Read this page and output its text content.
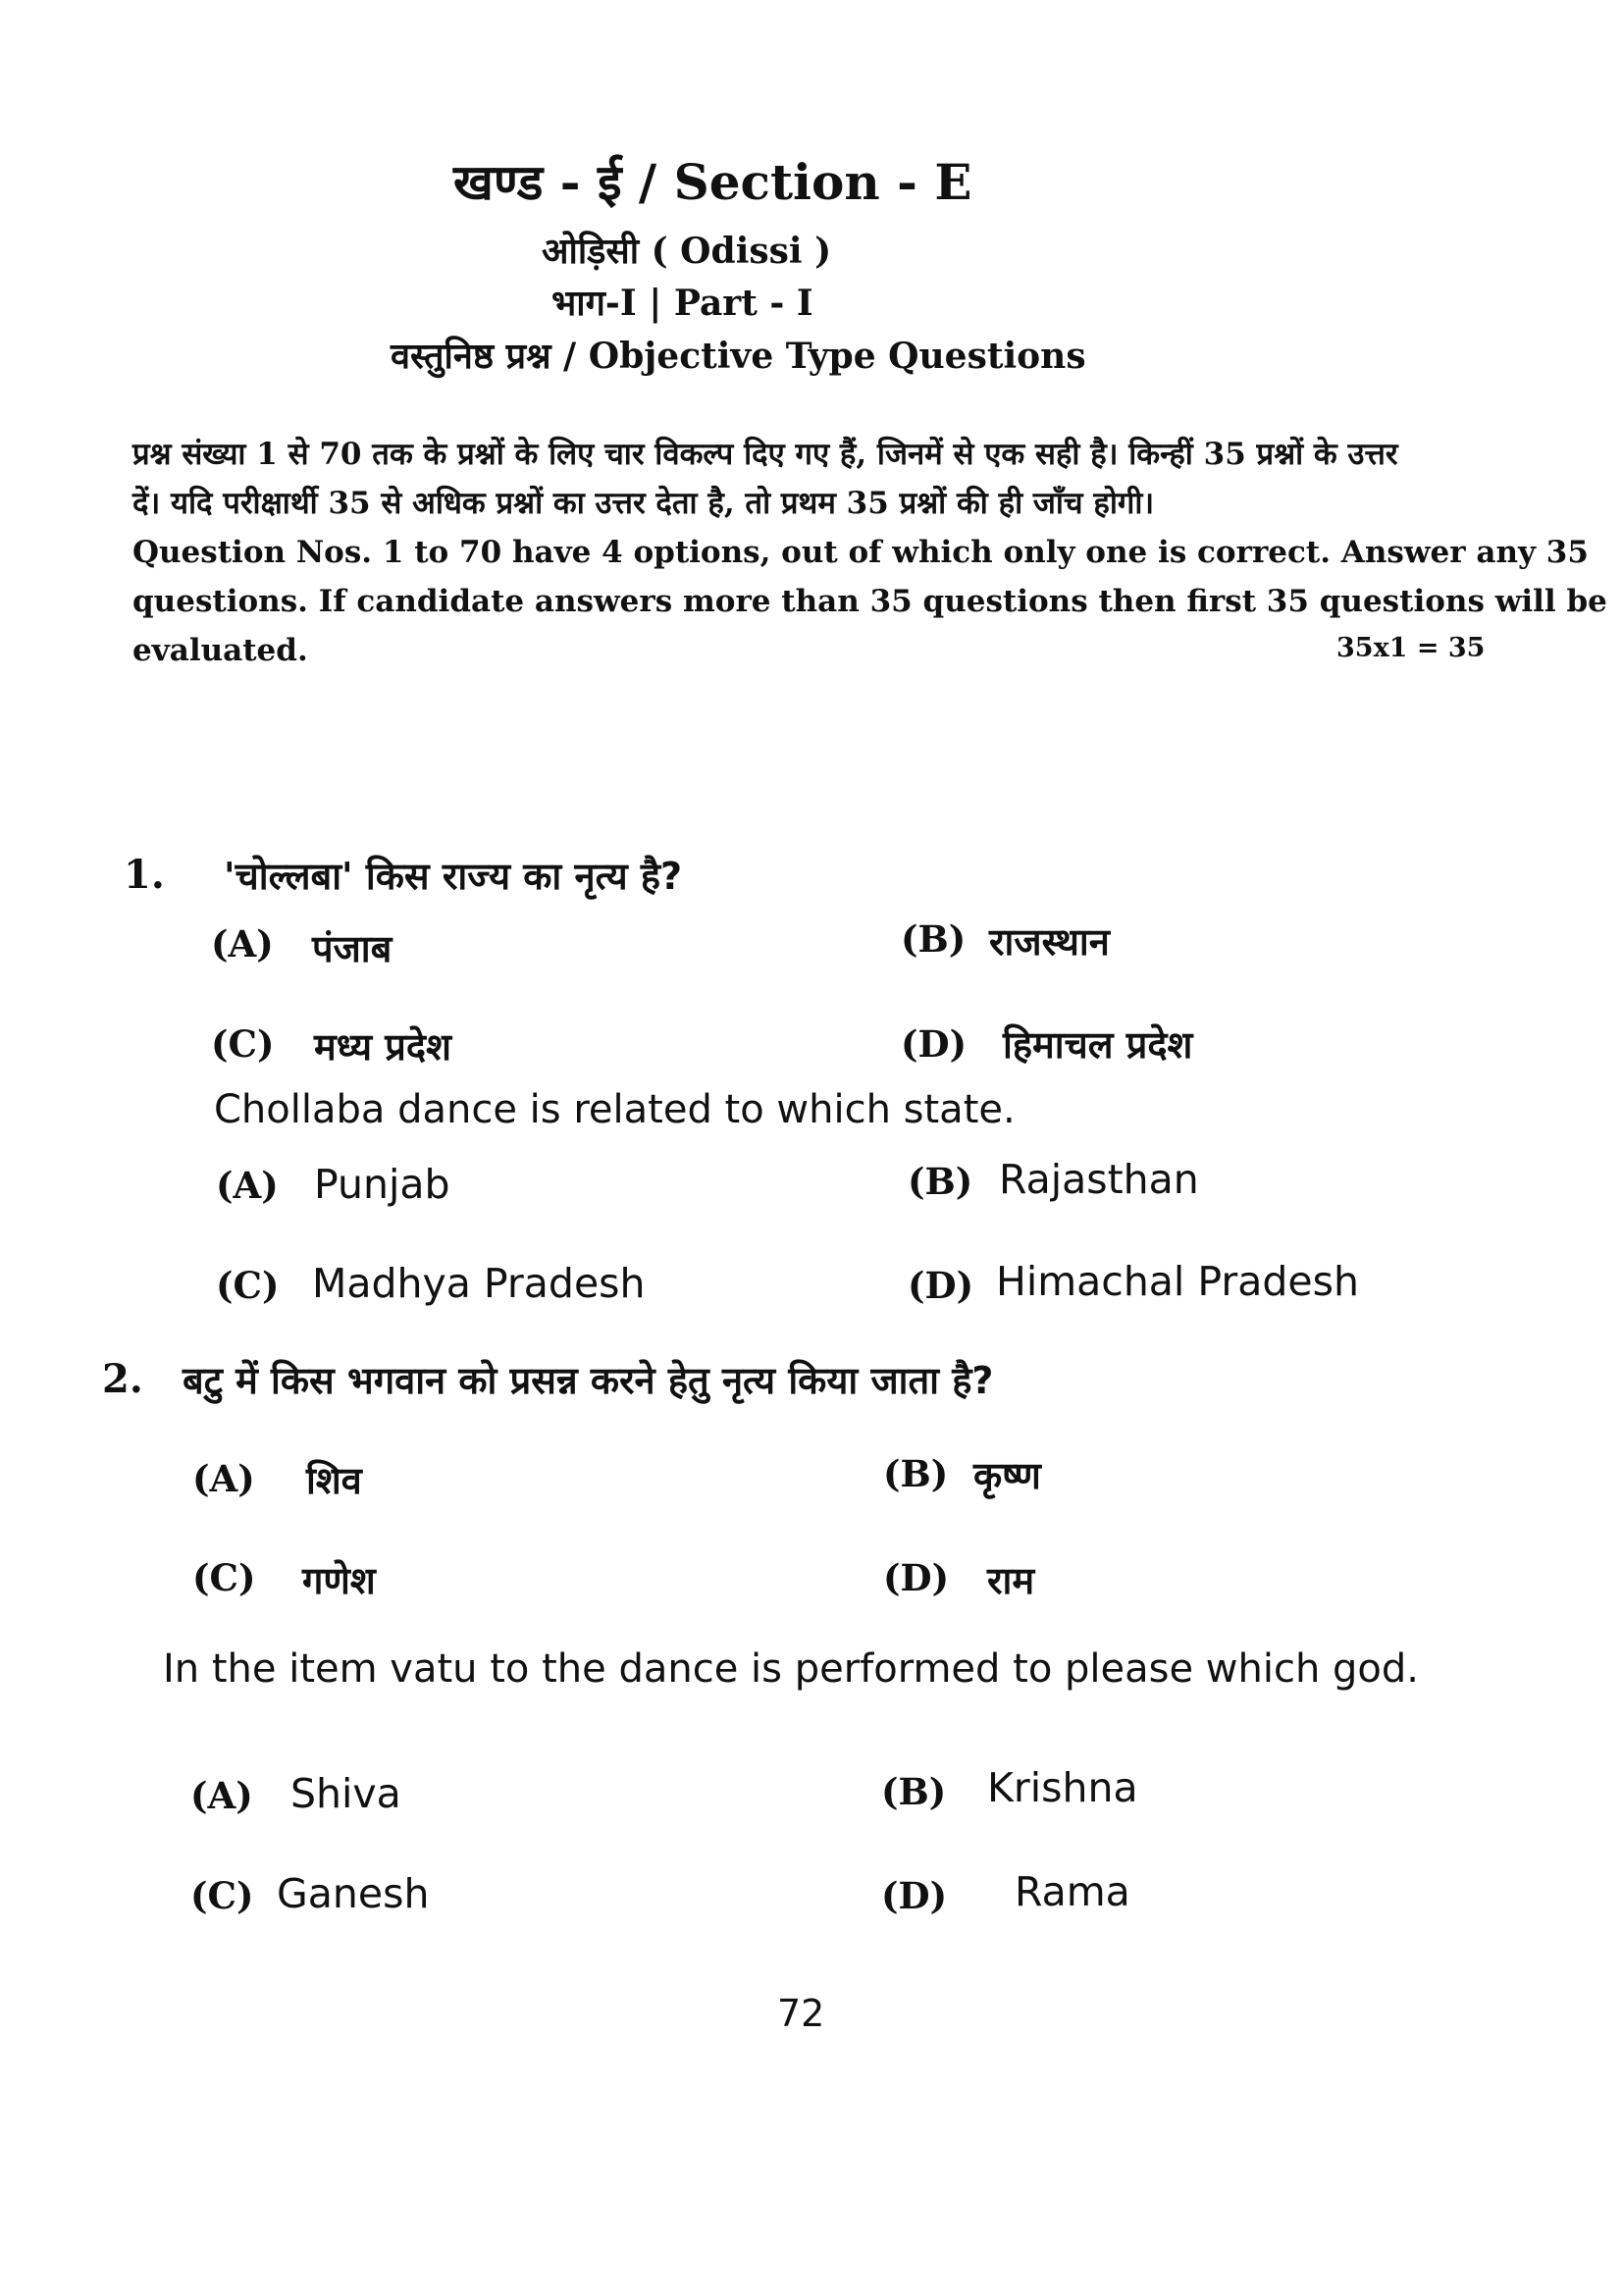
खण्ड - ई / Section - E
ओड़िसी ( Odissi )
भाग-I | Part - I
वस्तुनिष्ठ प्रश्न / Objective Type Questions
प्रश्न संख्या 1 से 70 तक के प्रश्नों के लिए चार विकल्प दिए गए हैं, जिनमें से एक सही है। किन्हीं 35 प्रश्नों के उत्तर
दें। यदि परीक्षार्थी 35 से अधिक प्रश्नों का उत्तर देता है, तो प्रथम 35 प्रश्नों की ही जाँच होगी।
Question Nos. 1 to 70 have 4 options, out of which only one is correct. Answer any 35
questions. If candidate answers more than 35 questions then first 35 questions will be
evaluated.	35x1 = 35
1. 'चोल्लबा' किस राज्य का नृत्य है?
(A) पंजाब	(B) राजस्थान
(C) मध्य प्रदेश	(D) हिमाचल प्रदेश
Chollaba dance is related to which state.
(A) Punjab	(B) Rajasthan
(C) Madhya Pradesh	(D) Himachal Pradesh
2. बटु में किस भगवान को प्रसन्न करने हेतु नृत्य किया जाता है?
(A) शिव	(B) कृष्ण
(C) गणेश	(D) राम
In the item vatu to the dance is performed to please which god.
(A) Shiva	(B) Krishna
(C) Ganesh	(D) Rama
72
